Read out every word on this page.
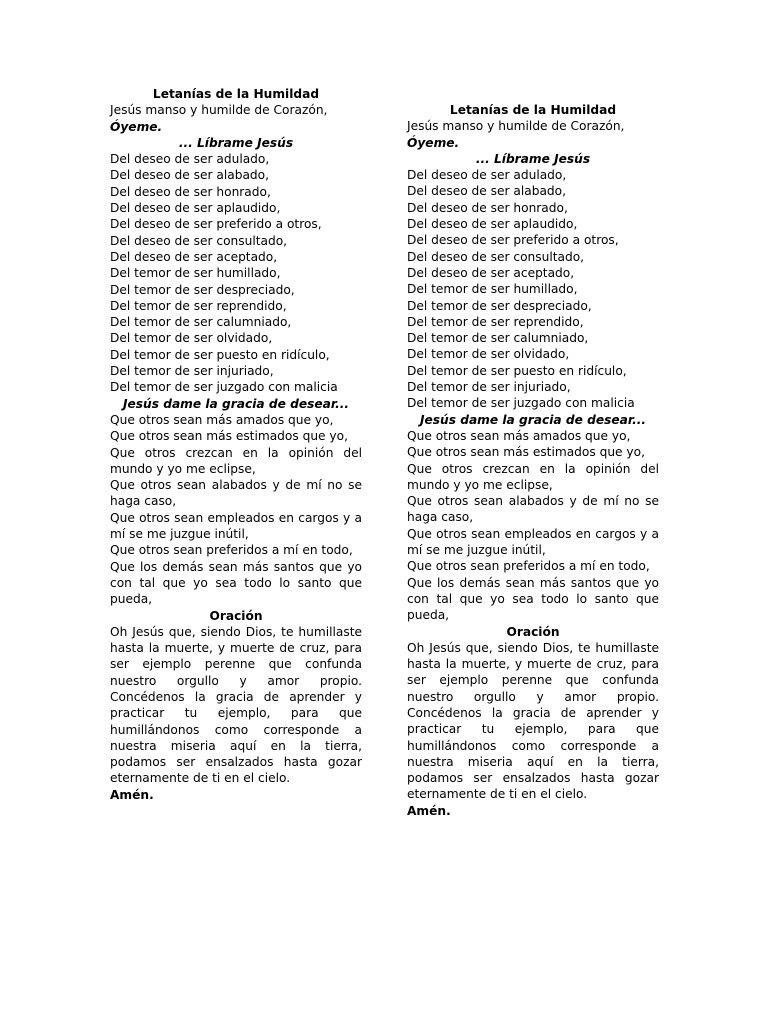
Letanías de la Humildad

Jesús manso y humilde de Corazón,

Óyeme.

... Líbrame Jesús

Del deseo de ser adulado,

Del deseo de ser alabado,

Del deseo de ser honrado,

Del deseo de ser aplaudido,

Del deseo de ser preferido a otros,

Del deseo de ser consultado,

Del deseo de ser aceptado,

Del temor de ser humillado,

Del temor de ser despreciado,

Del temor de ser reprendido,

Del temor de ser calumniado,

Del temor de ser olvidado,

Del temor de ser puesto en ridículo,

Del temor de ser injuriado,

Del temor de ser juzgado con malicia

Jesús dame la gracia de desear...

Que otros sean más amados que yo,

Que otros sean más estimados que yo,

Que otros crezcan en la opinión del mundo y yo me eclipse,

Que otros sean alabados y de mí no se haga caso,

Que otros sean empleados en cargos y a mí se me juzgue inútil,

Que otros sean preferidos a mí en todo,

Que los demás sean más santos que yo con tal que yo sea todo lo santo que pueda,

Oración

Oh Jesús que, siendo Dios, te humillaste hasta la muerte, y muerte de cruz, para ser ejemplo perenne que confunda nuestro orgullo y amor propio. Concédenos la gracia de aprender y practicar tu ejemplo, para que humillándonos como corresponde a nuestra miseria aquí en la tierra, podamos ser ensalzados hasta gozar eternamente de ti en el cielo.

Amén.

Letanías de la Humildad

Jesús manso y humilde de Corazón,

Óyeme.

... Líbrame Jesús

Del deseo de ser adulado,

Del deseo de ser alabado,

Del deseo de ser honrado,

Del deseo de ser aplaudido,

Del deseo de ser preferido a otros,

Del deseo de ser consultado,

Del deseo de ser aceptado,

Del temor de ser humillado,

Del temor de ser despreciado,

Del temor de ser reprendido,

Del temor de ser calumniado,

Del temor de ser olvidado,

Del temor de ser puesto en ridículo,

Del temor de ser injuriado,

Del temor de ser juzgado con malicia

Jesús dame la gracia de desear...

Que otros sean más amados que yo,

Que otros sean más estimados que yo,

Que otros crezcan en la opinión del mundo y yo me eclipse,

Que otros sean alabados y de mí no se haga caso,

Que otros sean empleados en cargos y a mí se me juzgue inútil,

Que otros sean preferidos a mí en todo,

Que los demás sean más santos que yo con tal que yo sea todo lo santo que pueda,

Oración

Oh Jesús que, siendo Dios, te humillaste hasta la muerte, y muerte de cruz, para ser ejemplo perenne que confunda nuestro orgullo y amor propio. Concédenos la gracia de aprender y practicar tu ejemplo, para que humillándonos como corresponde a nuestra miseria aquí en la tierra, podamos ser ensalzados hasta gozar eternamente de ti en el cielo.

Amén.
